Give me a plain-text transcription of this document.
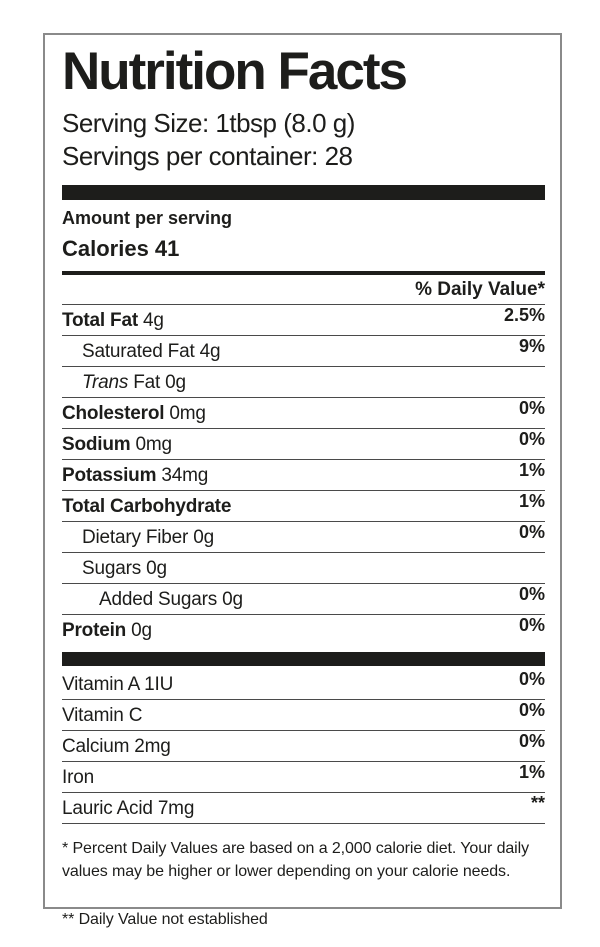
Nutrition Facts
Serving Size: 1tbsp (8.0 g)
Servings per container: 28
Amount per serving
Calories 41
% Daily Value*
Total Fat 4g	2.5%
Saturated Fat 4g	9%
Trans Fat 0g
Cholesterol 0mg	0%
Sodium 0mg	0%
Potassium 34mg	1%
Total Carbohydrate	1%
Dietary Fiber 0g	0%
Sugars 0g
Added Sugars 0g	0%
Protein 0g	0%
Vitamin A 1IU	0%
Vitamin C	0%
Calcium 2mg	0%
Iron	1%
Lauric Acid 7mg	**
* Percent Daily Values are based on a 2,000 calorie diet. Your daily values may be higher or lower depending on your calorie needs.
** Daily Value not established
